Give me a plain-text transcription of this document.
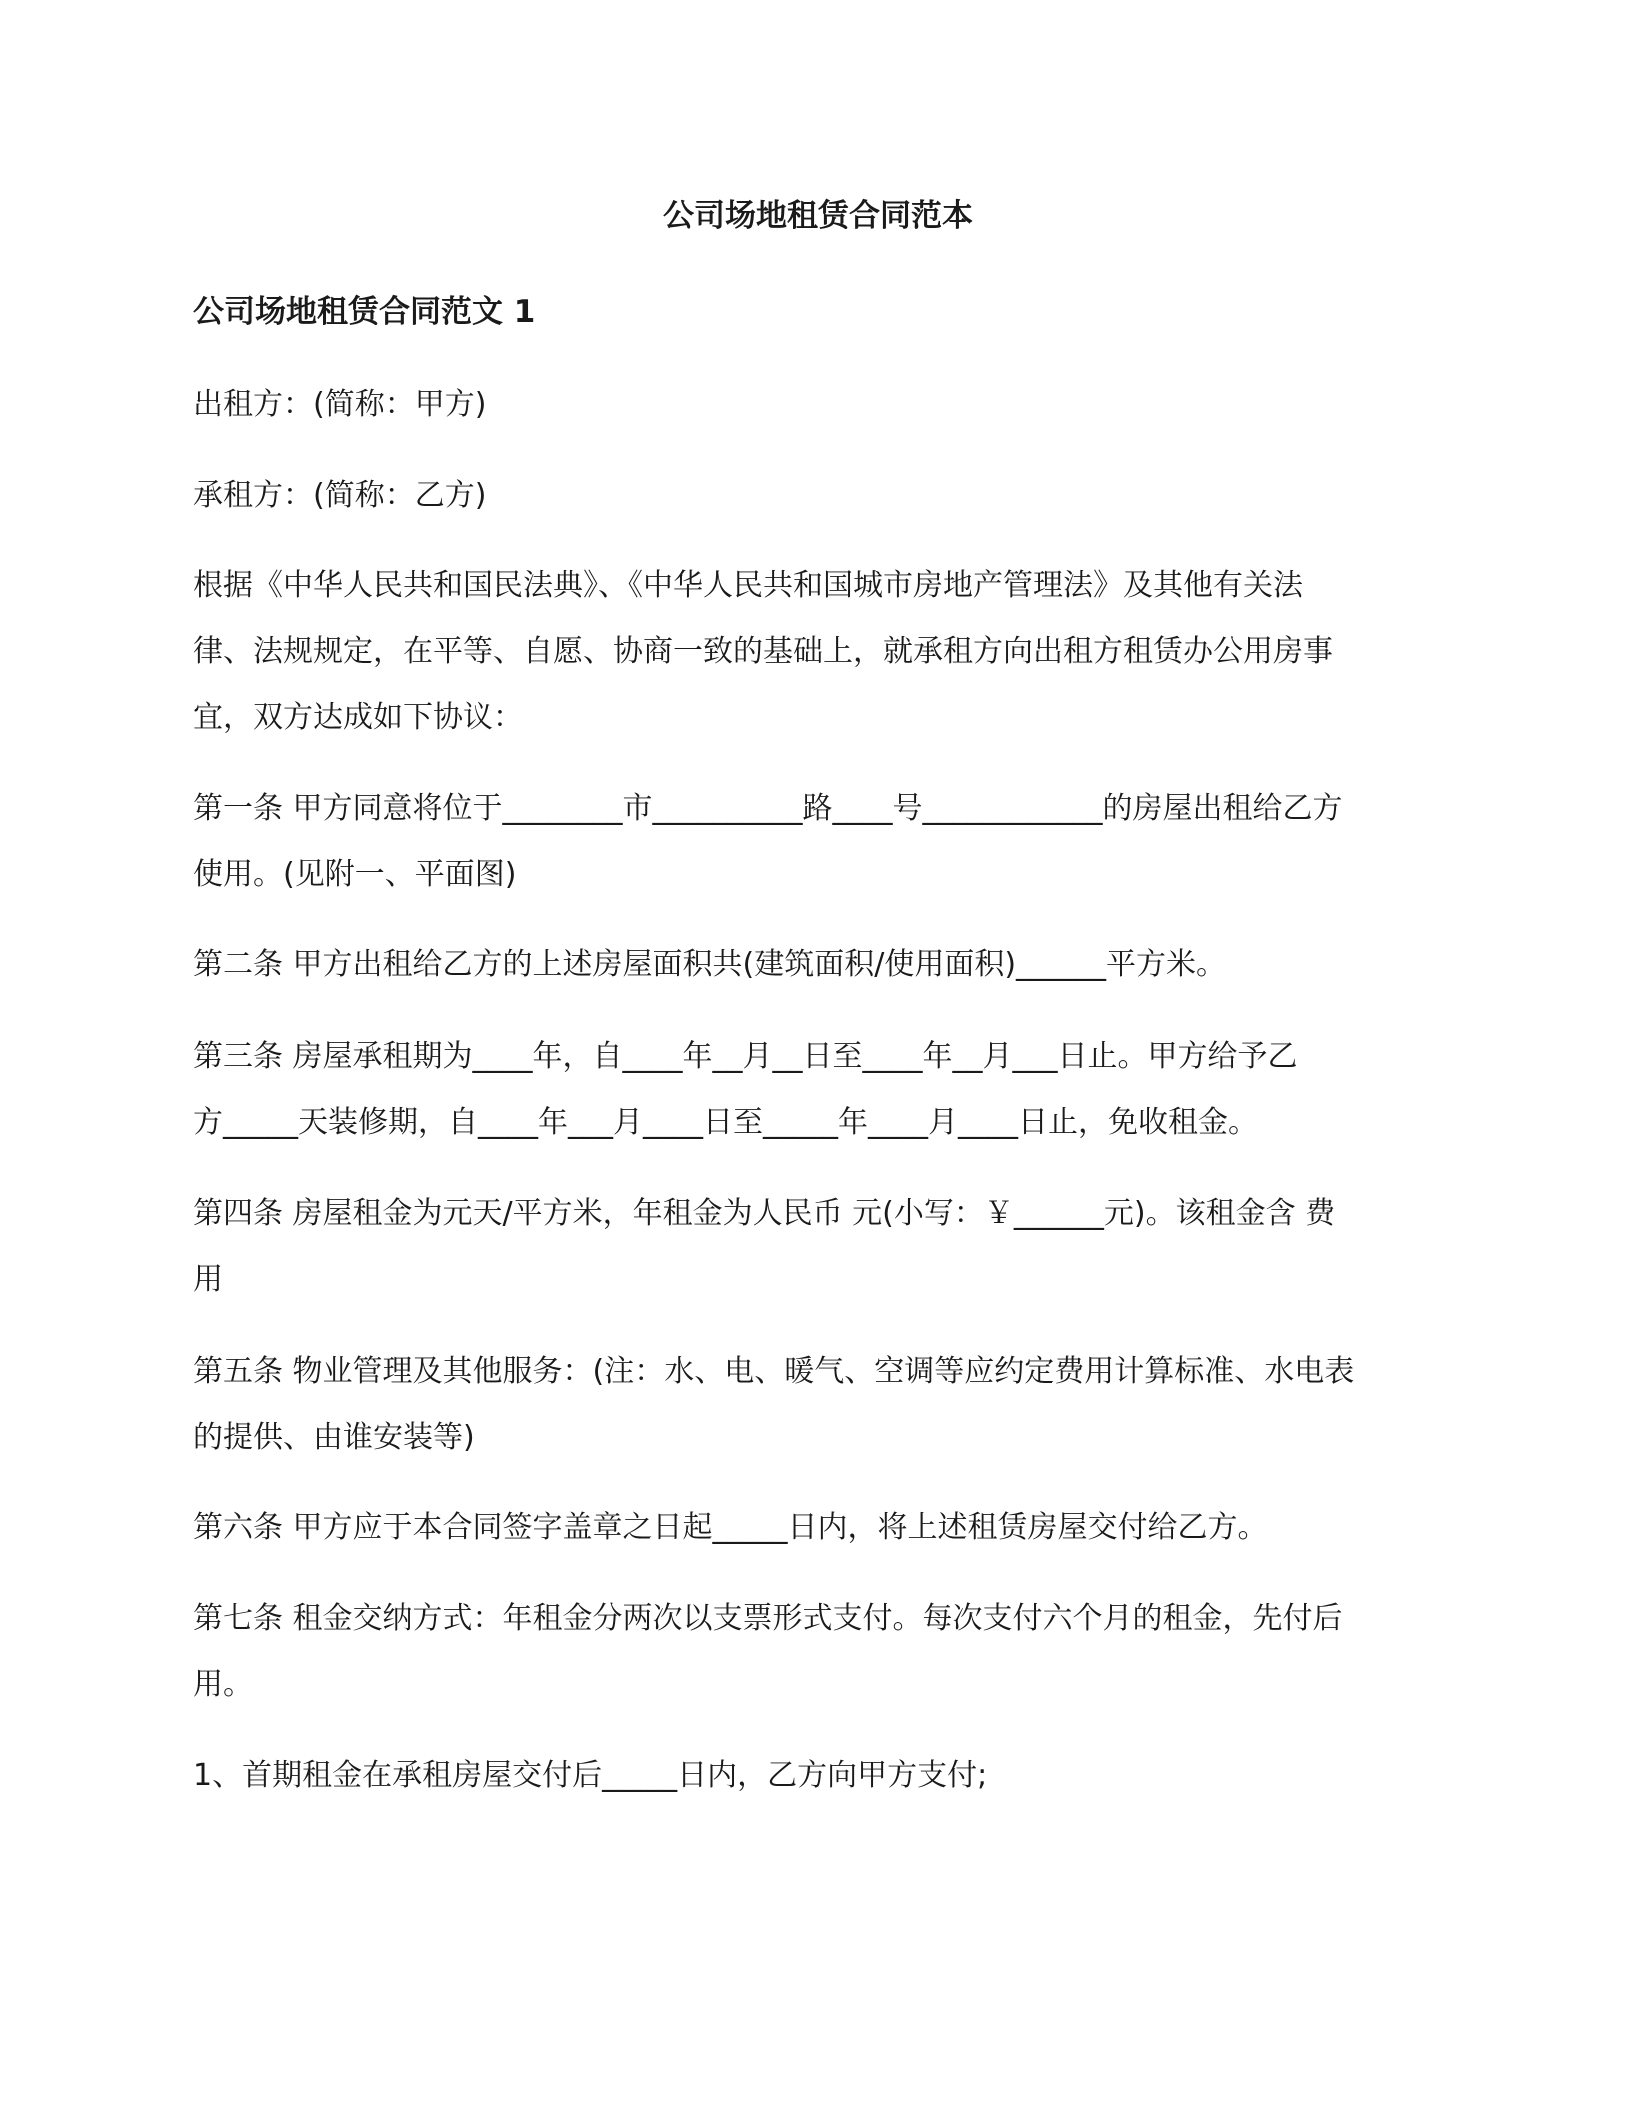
公司场地租赁合同范本
公司场地租赁合同范文 1

出租方：(简称：甲方)

承租方：(简称：乙方)

根据《中华人民共和国民法典》、《中华人民共和国城市房地产管理法》及其他有关法
律、法规规定，在平等、自愿、协商一致的基础上，就承租方向出租方租赁办公用房事
宜，双方达成如下协议：

第一条 甲方同意将位于________市__________路____号____________的房屋出租给乙方
使用。(见附一、平面图)

第二条 甲方出租给乙方的上述房屋面积共(建筑面积/使用面积)______平方米。

第三条 房屋承租期为____年，自____年__月__日至____年__月___日止。甲方给予乙
方_____天装修期，自____年___月____日至_____年____月____日止，免收租金。

第四条 房屋租金为元天/平方米，年租金为人民币 元(小写：￥______元)。该租金含 费
用

第五条 物业管理及其他服务：(注：水、电、暖气、空调等应约定费用计算标准、水电表
的提供、由谁安装等)

第六条 甲方应于本合同签字盖章之日起_____日内，将上述租赁房屋交付给乙方。

第七条 租金交纳方式：年租金分两次以支票形式支付。每次支付六个月的租金，先付后
用。

1、首期租金在承租房屋交付后_____日内，乙方向甲方支付;
